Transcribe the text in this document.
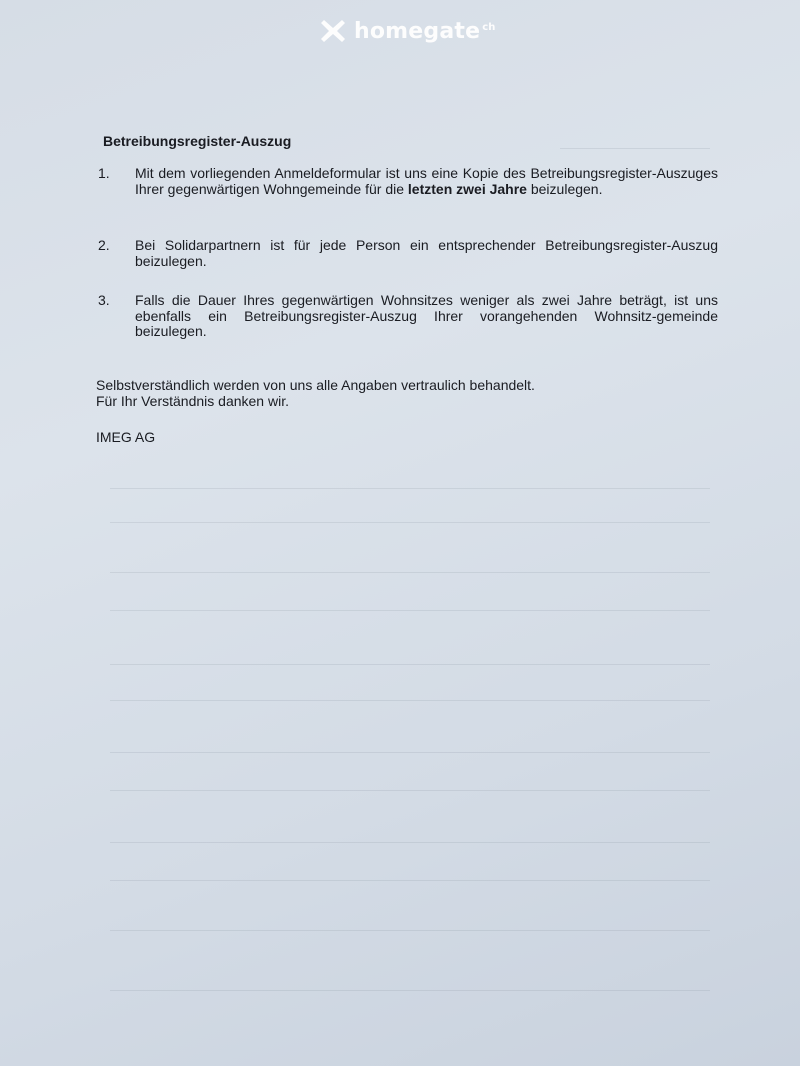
homegate ch
Betreibungsregister-Auszug
1.	Mit dem vorliegenden Anmeldeformular ist uns eine Kopie des Betreibungsregister-Auszuges Ihrer gegenwärtigen Wohngemeinde für die letzten zwei Jahre beizulegen.
2.	Bei Solidarpartnern ist für jede Person ein entsprechender Betreibungsregister-Auszug beizulegen.
3.	Falls die Dauer Ihres gegenwärtigen Wohnsitzes weniger als zwei Jahre beträgt, ist uns ebenfalls ein Betreibungsregister-Auszug Ihrer vorangehenden Wohnsitz-gemeinde beizulegen.
Selbstverständlich werden von uns alle Angaben vertraulich behandelt.
Für Ihr Verständnis danken wir.
IMEG AG
